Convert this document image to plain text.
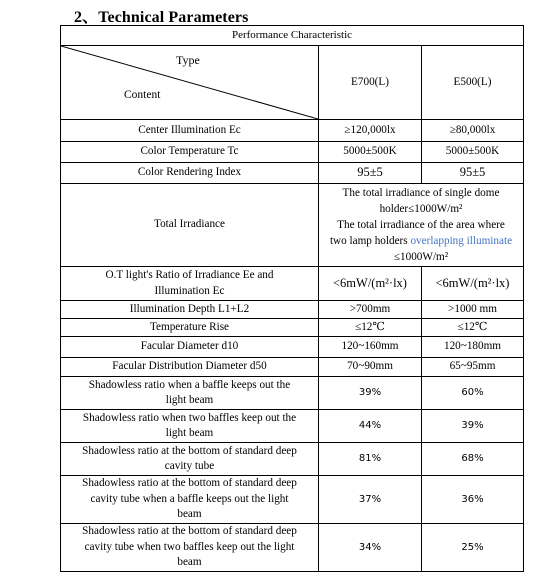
2、Technical Parameters
Performance Characteristic		

Type
Content	E700(L)	E500(L)
Center Illumination Ec	≥120,000lx	≥80,000lx
Color Temperature Tc	5000±500K	5000±500K
Color Rendering Index	95±5	95±5
Total Irradiance	The total irradiance of single dome
holder≤1000W/m²
The total irradiance of the area where
two lamp holders overlapping illuminate
≤1000W/m²	

O.T light's Ratio of Irradiance Ee and
Illumination Ec	<6mW/(m²·lx)	<6mW/(m²·lx)
Illumination Depth L1+L2	>700mm	>1000 mm
Temperature Rise	≤12℃	≤12℃
Facular Diameter d10	120~160mm	120~180mm
Facular Distribution Diameter d50	70~90mm	65~95mm

Shadowless ratio when a baffle keeps out the
light beam	39%	60%

Shadowless ratio when two baffles keep out the
light beam	44%	39%

Shadowless ratio at the bottom of standard deep
cavity tube	81%	68%

Shadowless ratio at the bottom of standard deep
cavity tube when a baffle keeps out the light
beam	37%	36%

Shadowless ratio at the bottom of standard deep
cavity tube when two baffles keep out the light
beam	34%	25%
